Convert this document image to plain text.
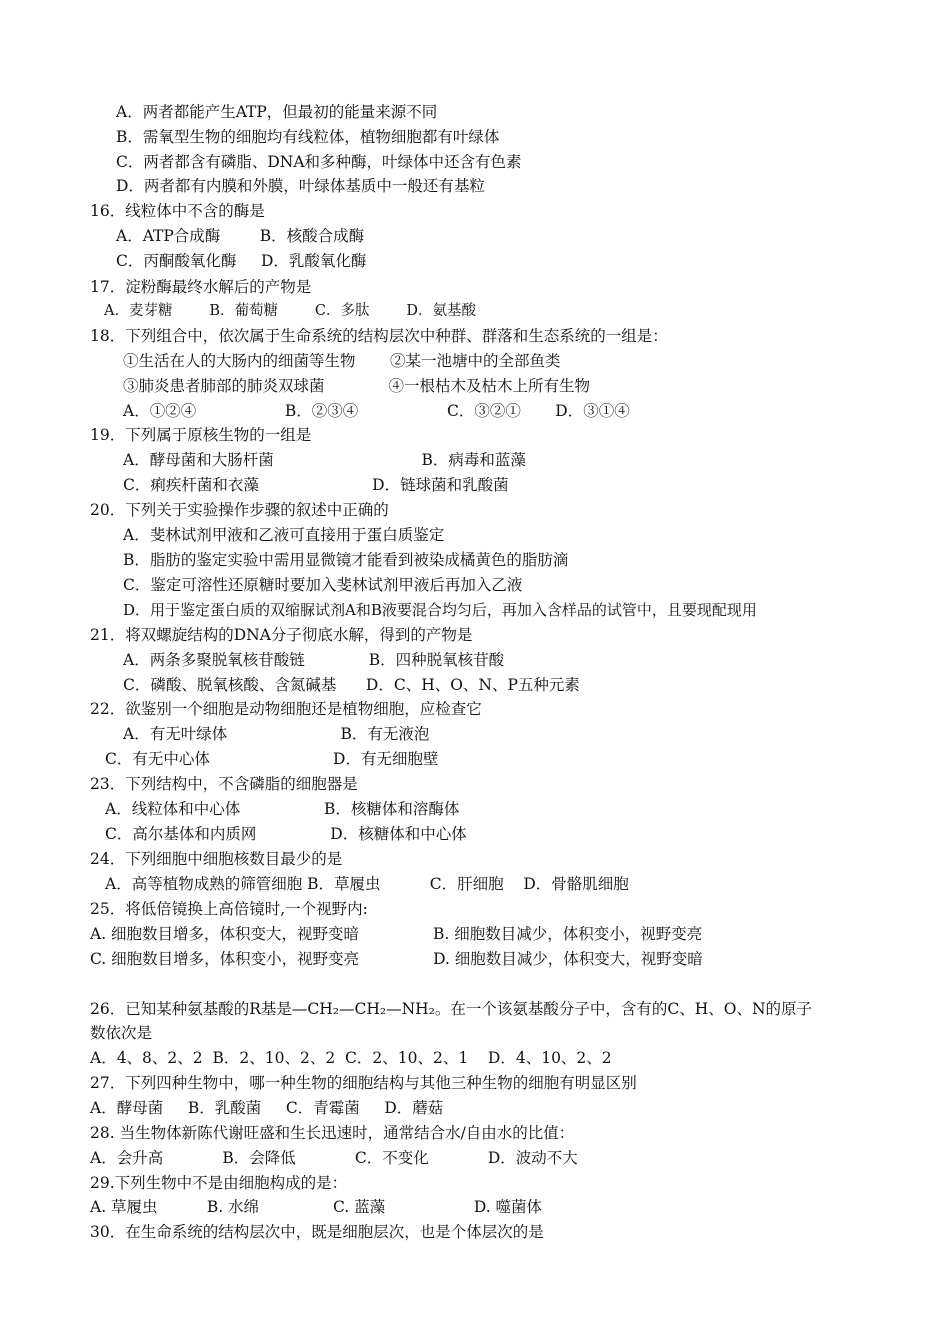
A．两者都能产生ATP，但最初的能量来源不同
B．需氧型生物的细胞均有线粒体，植物细胞都有叶绿体
C．两者都含有磷脂、DNA和多种酶，叶绿体中还含有色素
D．两者都有内膜和外膜，叶绿体基质中一般还有基粒
16．线粒体中不含的酶是
A．ATP合成酶        B．核酸合成酶
C．丙酮酸氧化酶     D．乳酸氧化酶
17．淀粉酶最终水解后的产物是
A．麦芽糖        B．葡萄糖        C．多肽        D．氨基酸
18．下列组合中，依次属于生命系统的结构层次中种群、群落和生态系统的一组是：
①生活在人的大肠内的细菌等生物       ②某一池塘中的全部鱼类
③肺炎患者肺部的肺炎双球菌             ④一根枯木及枯木上所有生物
A．①②④                  B．②③④                  C．③②①       D．③①④
19．下列属于原核生物的一组是
A．酵母菌和大肠杆菌                              B．病毒和蓝藻
C．痢疾杆菌和衣藻                       D．链球菌和乳酸菌
20．下列关于实验操作步骤的叙述中正确的
A．斐林试剂甲液和乙液可直接用于蛋白质鉴定
B．脂肪的鉴定实验中需用显微镜才能看到被染成橘黄色的脂肪滴
C．鉴定可溶性还原糖时要加入斐林试剂甲液后再加入乙液
D．用于鉴定蛋白质的双缩脲试剂A和B液要混合均匀后，再加入含样品的试管中，且要现配现用
21．将双螺旋结构的DNA分子彻底水解，得到的产物是
A．两条多聚脱氧核苷酸链             B．四种脱氧核苷酸
C．磷酸、脱氧核酸、含氮碱基      D．C、H、O、N、P五种元素
22．欲鉴别一个细胞是动物细胞还是植物细胞，应检查它
A．有无叶绿体                       B．有无液泡
C．有无中心体                         D．有无细胞壁
23．下列结构中，不含磷脂的细胞器是
A．线粒体和中心体                 B．核糖体和溶酶体
C．高尔基体和内质网               D．核糖体和中心体
24．下列细胞中细胞核数目最少的是
A．高等植物成熟的筛管细胞 B．草履虫          C．肝细胞    D．骨骼肌细胞
25．将低倍镜换上高倍镜时,一个视野内:
A. 细胞数目增多，体积变大，视野变暗               B. 细胞数目减少，体积变小，视野变亮
C. 细胞数目增多，体积变小，视野变亮               D. 细胞数目减少，体积变大，视野变暗
26．已知某种氨基酸的R基是—CH₂—CH₂—NH₂。在一个该氨基酸分子中，含有的C、H、O、N的原子
数依次是
A．4、8、2、2  B．2、10、2、2  C．2、10、2、1    D．4、10、2、2
27．下列四种生物中，哪一种生物的细胞结构与其他三种生物的细胞有明显区别
A．酵母菌     B．乳酸菌     C．青霉菌     D．蘑菇
28. 当生物体新陈代谢旺盛和生长迅速时，通常结合水/自由水的比值：
A．会升高            B．会降低            C．不变化            D．波动不大
29.下列生物中不是由细胞构成的是：
A. 草履虫          B. 水绵               C. 蓝藻                  D. 噬菌体
30．在生命系统的结构层次中，既是细胞层次，也是个体层次的是
